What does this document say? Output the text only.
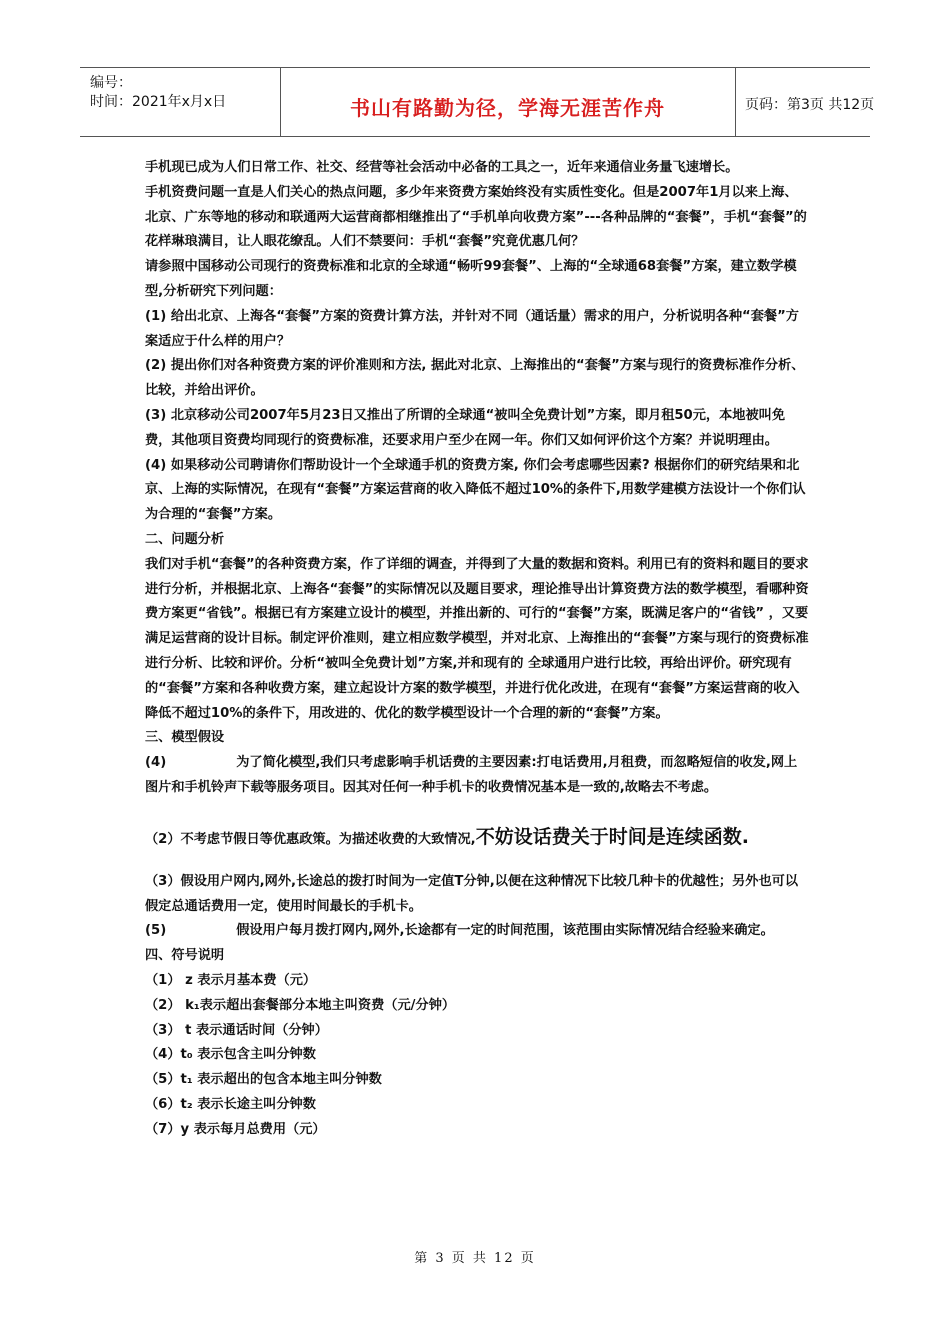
编号：
时间：2021年x月x日	书山有路勤为径，学海无涯苦作舟	页码：第3页 共12页

手机现已成为人们日常工作、社交、经营等社会活动中必备的工具之一，近年来通信业务量飞速增长。

手机资费问题一直是人们关心的热点问题，多少年来资费方案始终没有实质性变化。但是2007年1月以来上海、北京、广东等地的移动和联通两大运营商都相继推出了“手机单向收费方案”---各种品牌的“套餐”，手机“套餐”的花样琳琅满目，让人眼花缭乱。人们不禁要问：手机“套餐”究竟优惠几何？

请参照中国移动公司现行的资费标准和北京的全球通“畅听99套餐”、上海的“全球通68套餐”方案，建立数学模型,分析研究下列问题：

(1) 给出北京、上海各“套餐”方案的资费计算方法，并针对不同（通话量）需求的用户，分析说明各种“套餐”方案适应于什么样的用户？

(2) 提出你们对各种资费方案的评价准则和方法, 据此对北京、上海推出的“套餐”方案与现行的资费标准作分析、比较，并给出评价。

(3) 北京移动公司2007年5月23日又推出了所谓的全球通“被叫全免费计划”方案，即月租50元，本地被叫免费，其他项目资费均同现行的资费标准，还要求用户至少在网一年。你们又如何评价这个方案？并说明理由。

(4) 如果移动公司聘请你们帮助设计一个全球通手机的资费方案, 你们会考虑哪些因素? 根据你们的研究结果和北京、上海的实际情况，在现有“套餐”方案运营商的收入降低不超过10%的条件下,用数学建模方法设计一个你们认为合理的“套餐”方案。

二、问题分析

我们对手机“套餐”的各种资费方案，作了详细的调查，并得到了大量的数据和资料。利用已有的资料和题目的要求进行分析，并根据北京、上海各“套餐”的实际情况以及题目要求，理论推导出计算资费方法的数学模型，看哪种资费方案更“省钱”。根据已有方案建立设计的模型，并推出新的、可行的“套餐”方案，既满足客户的“省钱” ，又要满足运营商的设计目标。制定评价准则，建立相应数学模型，并对北京、上海推出的“套餐”方案与现行的资费标准进行分析、比较和评价。分析“被叫全免费计划”方案,并和现有的 全球通用户进行比较，再给出评价。研究现有的“套餐”方案和各种收费方案，建立起设计方案的数学模型，并进行优化改进，在现有“套餐”方案运营商的收入降低不超过10%的条件下，用改进的、优化的数学模型设计一个合理的新的“套餐”方案。

三、模型假设

(4)	为了简化模型,我们只考虑影响手机话费的主要因素:打电话费用,月租费，而忽略短信的收发,网上图片和手机铃声下载等服务项目。因其对任何一种手机卡的收费情况基本是一致的,故略去不考虑。

（2）不考虑节假日等优惠政策。为描述收费的大致情况,不妨设话费关于时间是连续函数.

（3）假设用户网内,网外,长途总的拨打时间为一定值T分钟,以便在这种情况下比较几种卡的优越性；另外也可以假定总通话费用一定，使用时间最长的手机卡。

(5)	假设用户每月拨打网内,网外,长途都有一定的时间范围，该范围由实际情况结合经验来确定。

四、符号说明

（1） z 表示月基本费（元）

（2） k₁表示超出套餐部分本地主叫资费（元/分钟）

（3） t 表示通话时间（分钟）

（4）t₀ 表示包含主叫分钟数

（5）t₁ 表示超出的包含本地主叫分钟数

（6）t₂ 表示长途主叫分钟数

（7）y 表示每月总费用（元）

第 3 页 共 12 页
